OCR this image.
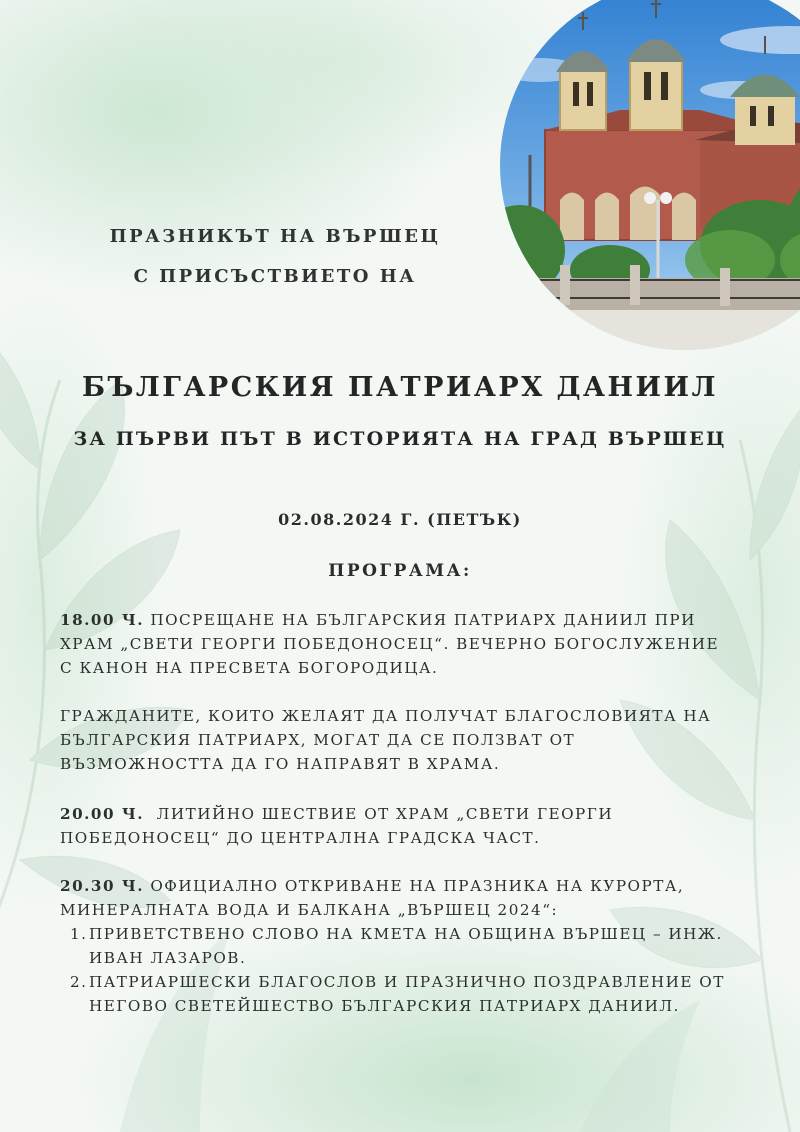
ПРАЗНИКЪТ НА ВЪРШЕЦ

С ПРИСЪСТВИЕТО НА

БЪЛГАРСКИЯ ПАТРИАРХ ДАНИИЛ
ЗА ПЪРВИ ПЪТ В ИСТОРИЯТА НА ГРАД ВЪРШЕЦ

02.08.2024 Г. (ПЕТЪК)

ПРОГРАМА:

18.00 Ч. ПОСРЕЩАНЕ НА БЪЛГАРСКИЯ ПАТРИАРХ ДАНИИЛ ПРИ
ХРАМ „СВЕТИ ГЕОРГИ ПОБЕДОНОСЕЦ“. ВЕЧЕРНО БОГОСЛУЖЕНИЕ
С КАНОН НА ПРЕСВЕТА БОГОРОДИЦА.
ГРАЖДАНИТЕ, КОИТО ЖЕЛАЯТ ДА ПОЛУЧАТ БЛАГОСЛОВИЯТА НА
БЪЛГАРСКИЯ ПАТРИАРХ, МОГАТ ДА СЕ ПОЛЗВАТ ОТ
ВЪЗМОЖНОСТТА ДА ГО НАПРАВЯТ В ХРАМА.
20.00 Ч.  ЛИТИЙНО ШЕСТВИЕ ОТ ХРАМ „СВЕТИ ГЕОРГИ
ПОБЕДОНОСЕЦ“ ДО ЦЕНТРАЛНА ГРАДСКА ЧАСТ.
20.30 Ч. ОФИЦИАЛНО ОТКРИВАНЕ НА ПРАЗНИКА НА КУРОРТА,
МИНЕРАЛНАТА ВОДА И БАЛКАНА „ВЪРШЕЦ 2024“:
1. ПРИВЕТСТВЕНО СЛОВО НА КМЕТА НА ОБЩИНА ВЪРШЕЦ – ИНЖ.
ИВАН ЛАЗАРОВ.
2. ПАТРИАРШЕСКИ БЛАГОСЛОВ И ПРАЗНИЧНО ПОЗДРАВЛЕНИЕ ОТ
НЕГОВО СВЕТЕЙШЕСТВО БЪЛГАРСКИЯ ПАТРИАРХ ДАНИИЛ.
